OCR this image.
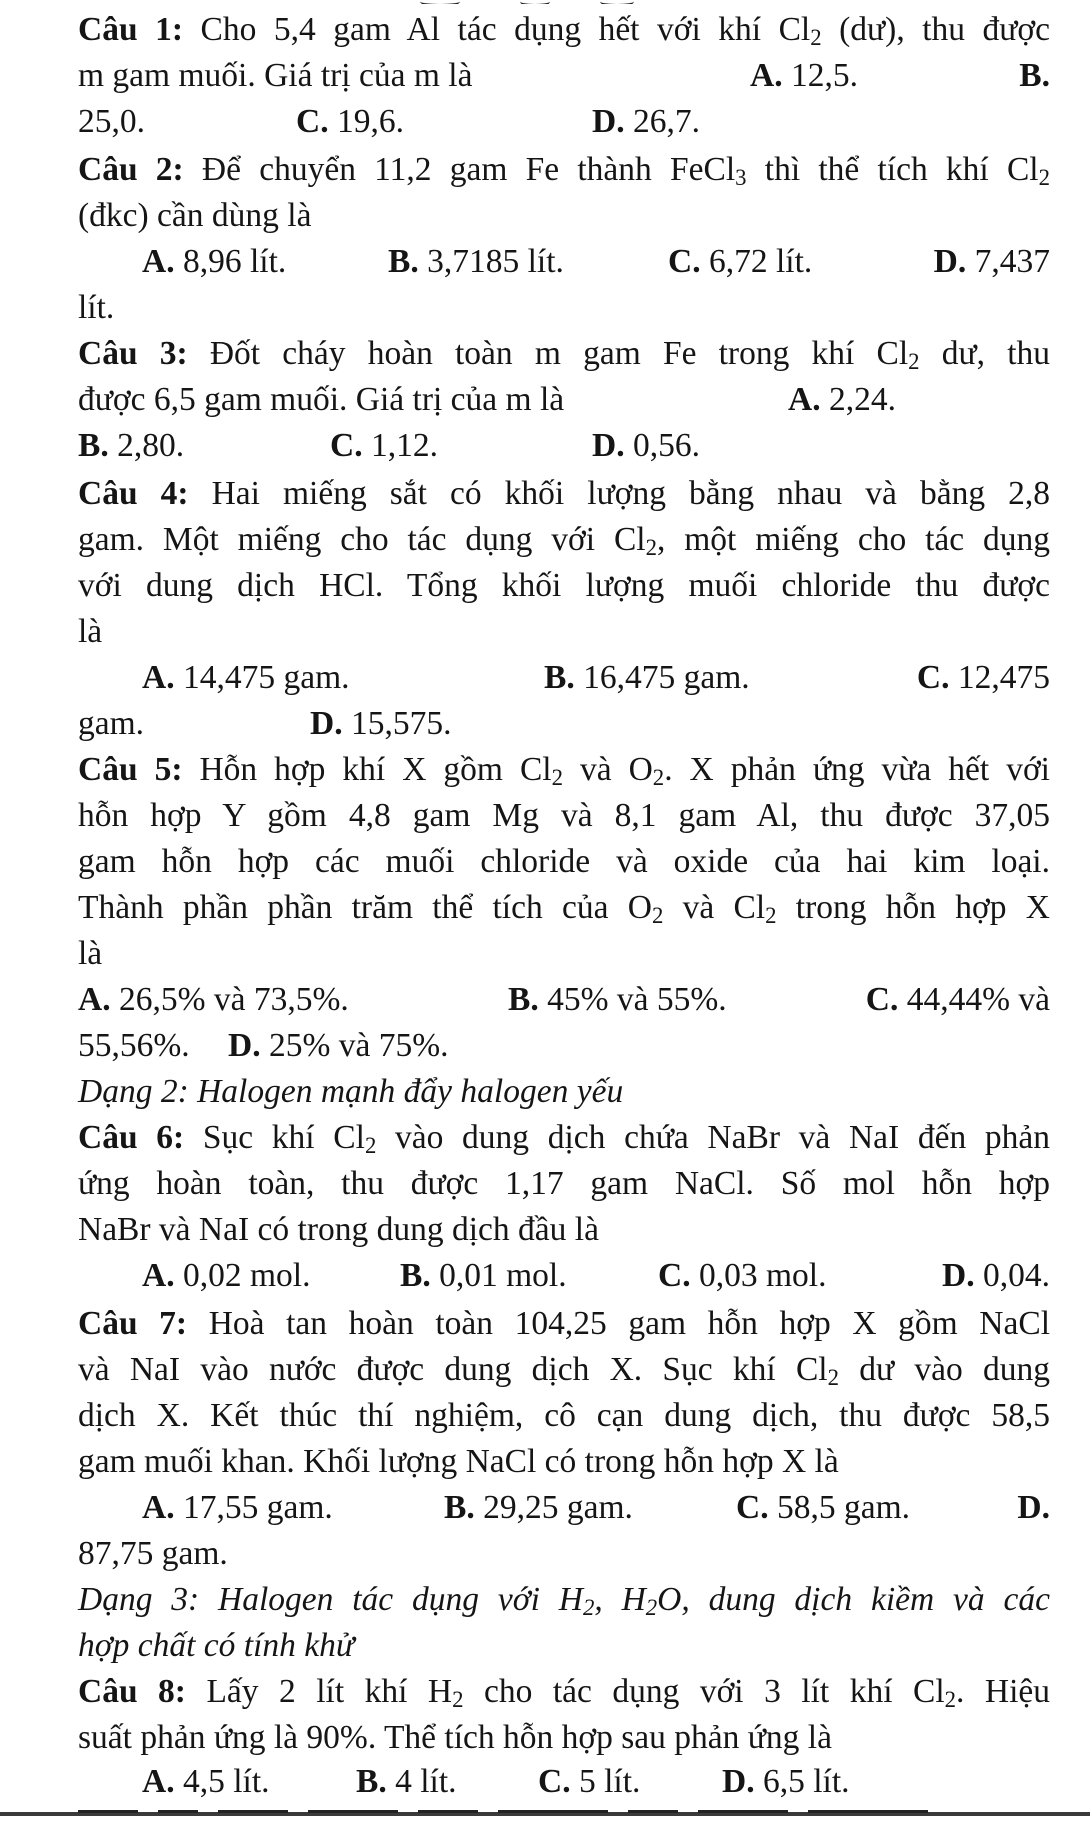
Câu 1: Cho 5,4 gam Al tác dụng hết với khí $Cl_2$ (dư), thu được
m gam muối. Giá trị của m là	A. 12,5.	B.
25,0.	C. 19,6.	D. 26,7.
Câu 2: Để chuyển 11,2 gam Fe thành FeCl$_3$ thì thể tích khí $Cl_2$
(đkc) cần dùng là
A. 8,96 lít.	B. 3,7185 lít.	C. 6,72 lít.	D. 7,437
lít.
Câu 3: Đốt cháy hoàn toàn m gam Fe trong khí $Cl_2$ dư, thu
được 6,5 gam muối. Giá trị của m là	A. 2,24.
B. 2,80.	C. 1,12.	D. 0,56.
Câu 4: Hai miếng sắt có khối lượng bằng nhau và bằng 2,8
gam. Một miếng cho tác dụng với $Cl_2$, một miếng cho tác dụng
với dung dịch HCl. Tổng khối lượng muối chloride thu được
là
A. 14,475 gam.	B. 16,475 gam.	C. 12,475
gam.	D. 15,575.
Câu 5: Hỗn hợp khí X gồm $Cl_2$ và $O_2$. X phản ứng vừa hết với
hỗn hợp Y gồm 4,8 gam Mg và 8,1 gam Al, thu được 37,05
gam hỗn hợp các muối chloride và oxide của hai kim loại.
Thành phần phần trăm thể tích của $O_2$ và $Cl_2$ trong hỗn hợp X
là
A. 26,5% và 73,5%.	B. 45% và 55%.	C. 44,44% và
55,56%. D. 25% và 75%.
Dạng 2: Halogen mạnh đẩy halogen yếu
Câu 6: Sục khí $Cl_2$ vào dung dịch chứa NaBr và NaI đến phản
ứng hoàn toàn, thu được 1,17 gam NaCl. Số mol hỗn hợp
NaBr và NaI có trong dung dịch đầu là
A. 0,02 mol.	B. 0,01 mol.	C. 0,03 mol.	D. 0,04.
Câu 7: Hoà tan hoàn toàn 104,25 gam hỗn hợp X gồm NaCl
và NaI vào nước được dung dịch X. Sục khí $Cl_2$ dư vào dung
dịch X. Kết thúc thí nghiệm, cô cạn dung dịch, thu được 58,5
gam muối khan. Khối lượng NaCl có trong hỗn hợp X là
A. 17,55 gam.	B. 29,25 gam.	C. 58,5 gam.	D.
87,75 gam.
Dạng 3: Halogen tác dụng với $H_2$, $H_2O$, dung dịch kiềm và các
hợp chất có tính khử
Câu 8: Lấy 2 lít khí $H_2$ cho tác dụng với 3 lít khí $Cl_2$. Hiệu
suất phản ứng là 90%. Thể tích hỗn hợp sau phản ứng là
A. 4,5 lít.	B. 4 lít. C. 5 lít. D. 6,5 lít.
